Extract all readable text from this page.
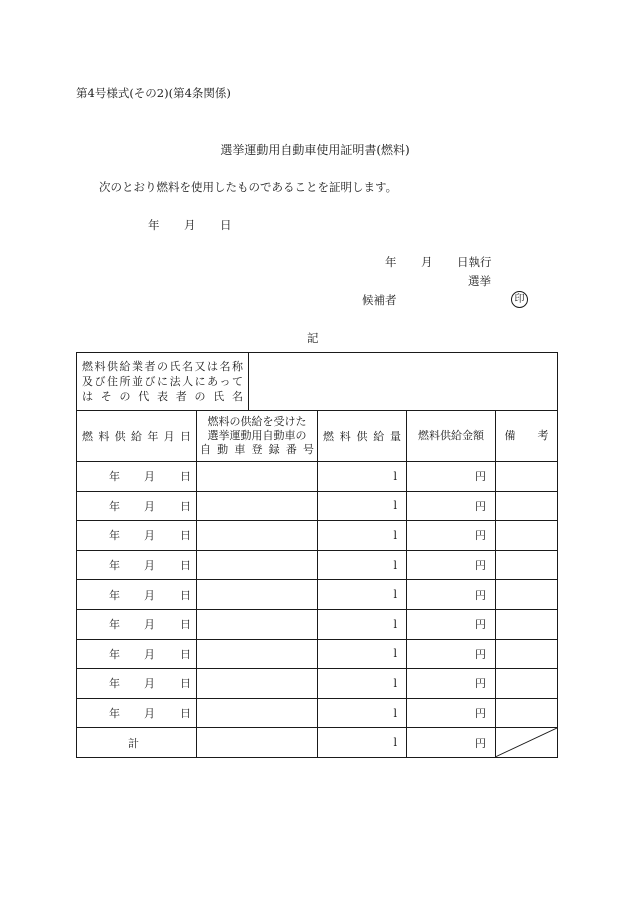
第4号様式(その2)(第4条関係)
選挙運動用自動車使用証明書(燃料)
次のとおり燃料を使用したものであることを証明します。
年 月 日
年 月 日執行
選挙
候補者	印
記
燃料供給業者の氏名又は名称
及び住所並びに法人にあって
は そ の 代 表 者 の 氏 名

燃料供給年月日	燃料の供給を受けた
選挙運動用自動車の
自動車登録番号	燃料供給量	燃料供給金額	備　　考

年 月 日		l	円	

年 月 日		l	円	

年 月 日		l	円	

年 月 日		l	円	

年 月 日		l	円	

年 月 日		l	円	

年 月 日		l	円	

年 月 日		l	円	

年 月 日		l	円	
計		l	円	
